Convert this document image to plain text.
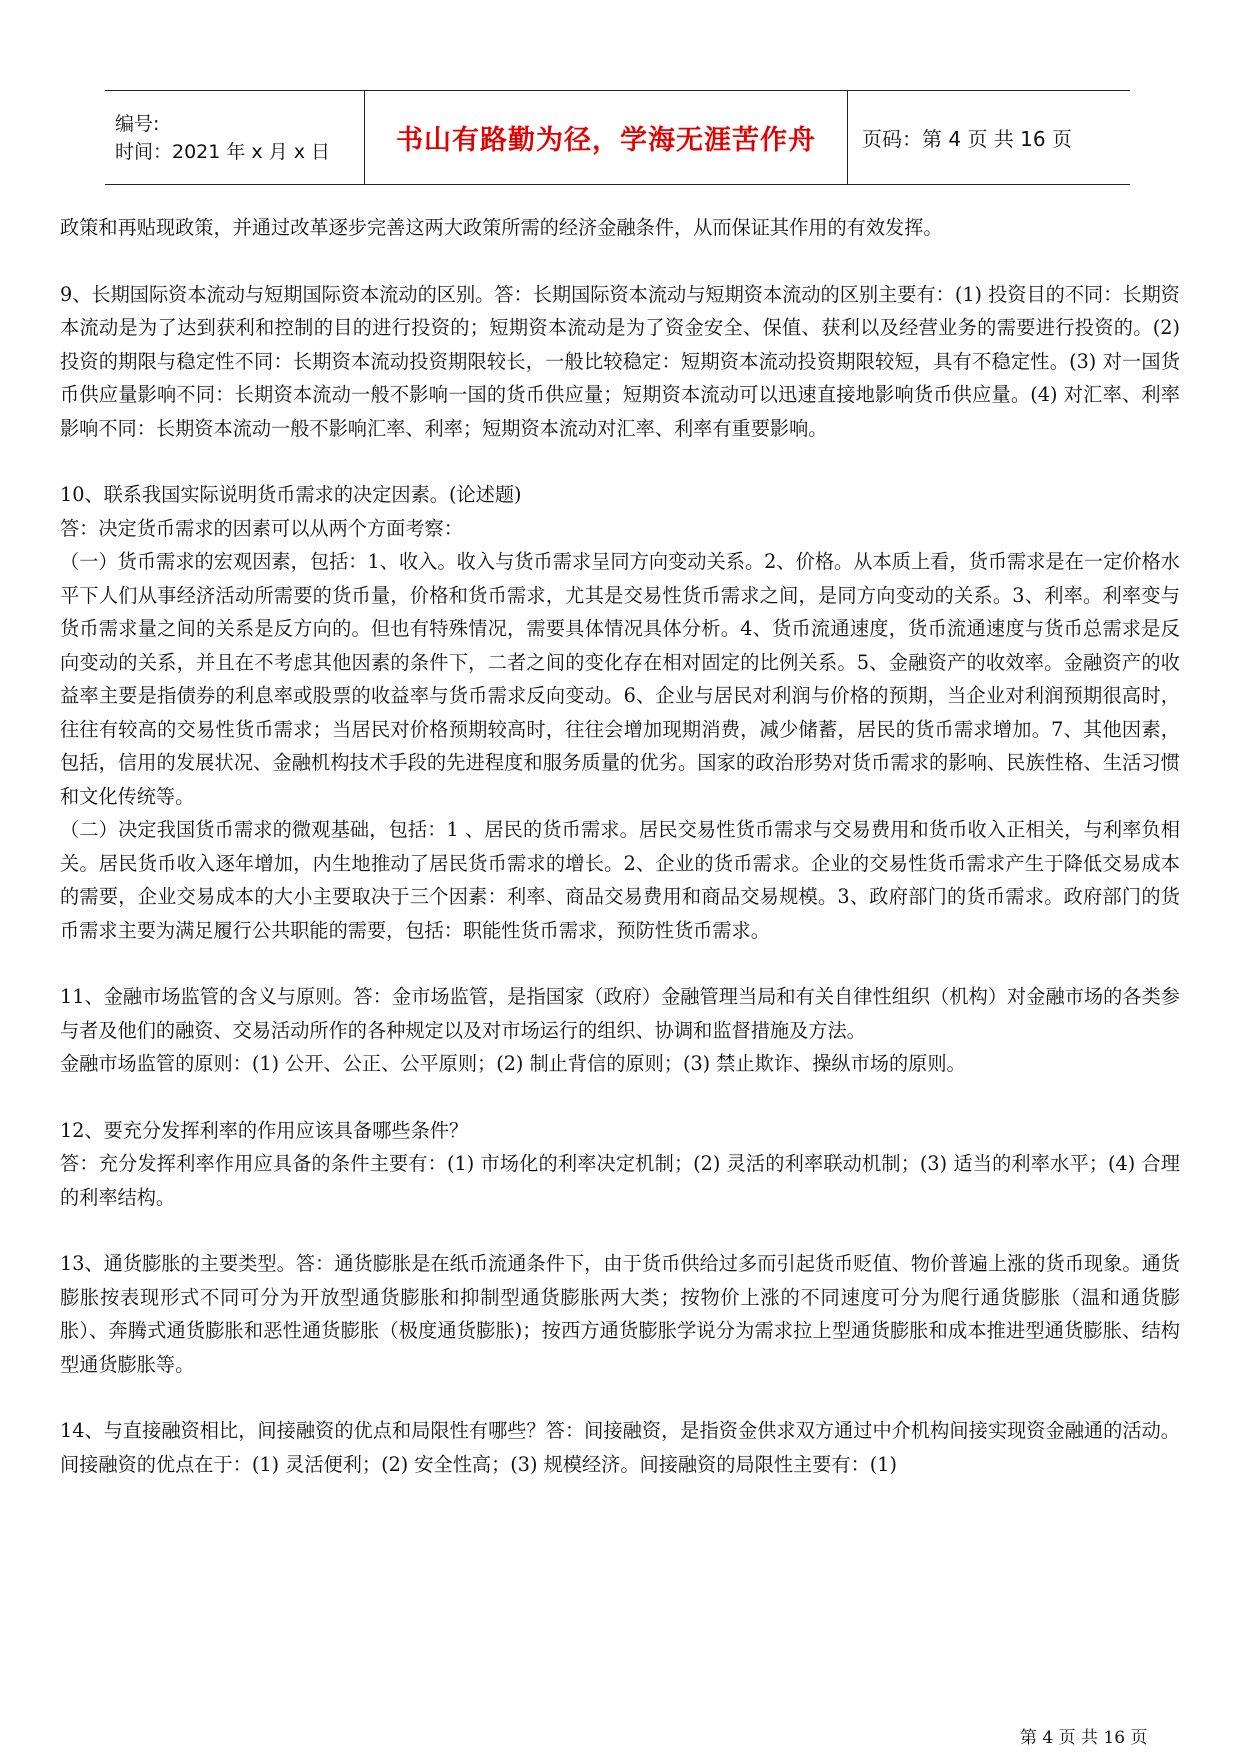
编号:
时间：2021 年 x 月 x 日	书山有路勤为径，学海无涯苦作舟	页码：第 4 页 共 16 页

政策和再贴现政策，并通过改革逐步完善这两大政策所需的经济金融条件，从而保证其作用的有效发挥。

9、长期国际资本流动与短期国际资本流动的区别。答：长期国际资本流动与短期资本流动的区别主要有：(1) 投资目的不同：长期资本流动是为了达到获利和控制的目的进行投资的；短期资本流动是为了资金安全、保值、获利以及经营业务的需要进行投资的。(2) 投资的期限与稳定性不同：长期资本流动投资期限较长，一般比较稳定：短期资本流动投资期限较短，具有不稳定性。(3) 对一国货币供应量影响不同：长期资本流动一般不影响一国的货币供应量；短期资本流动可以迅速直接地影响货币供应量。(4) 对汇率、利率影响不同：长期资本流动一般不影响汇率、利率；短期资本流动对汇率、利率有重要影响。

10、联系我国实际说明货币需求的决定因素。(论述题)

答：决定货币需求的因素可以从两个方面考察：

（一）货币需求的宏观因素，包括：1、收入。收入与货币需求呈同方向变动关系。2、价格。从本质上看，货币需求是在一定价格水平下人们从事经济活动所需要的货币量，价格和货币需求，尤其是交易性货币需求之间，是同方向变动的关系。3、利率。利率变与货币需求量之间的关系是反方向的。但也有特殊情况，需要具体情况具体分析。4、货币流通速度，货币流通速度与货币总需求是反向变动的关系，并且在不考虑其他因素的条件下，二者之间的变化存在相对固定的比例关系。5、金融资产的收效率。金融资产的收益率主要是指债券的利息率或股票的收益率与货币需求反向变动。6、企业与居民对利润与价格的预期，当企业对利润预期很高时，往往有较高的交易性货币需求；当居民对价格预期较高时，往往会增加现期消费，减少储蓄，居民的货币需求增加。7、其他因素，包括，信用的发展状况、金融机构技术手段的先进程度和服务质量的优劣。国家的政治形势对货币需求的影响、民族性格、生活习惯和文化传统等。

（二）决定我国货币需求的微观基础，包括：1 、居民的货币需求。居民交易性货币需求与交易费用和货币收入正相关，与利率负相关。居民货币收入逐年增加，内生地推动了居民货币需求的增长。2、企业的货币需求。企业的交易性货币需求产生于降低交易成本的需要，企业交易成本的大小主要取决于三个因素：利率、商品交易费用和商品交易规模。3、政府部门的货币需求。政府部门的货币需求主要为满足履行公共职能的需要，包括：职能性货币需求，预防性货币需求。

11、金融市场监管的含义与原则。答：金市场监管，是指国家（政府）金融管理当局和有关自律性组织（机构）对金融市场的各类参与者及他们的融资、交易活动所作的各种规定以及对市场运行的组织、协调和监督措施及方法。

金融市场监管的原则：(1) 公开、公正、公平原则；(2) 制止背信的原则；(3) 禁止欺诈、操纵市场的原则。

12、要充分发挥利率的作用应该具备哪些条件？

答：充分发挥利率作用应具备的条件主要有：(1) 市场化的利率决定机制；(2) 灵活的利率联动机制；(3) 适当的利率水平；(4) 合理的利率结构。

13、通货膨胀的主要类型。答：通货膨胀是在纸币流通条件下，由于货币供给过多而引起货币贬值、物价普遍上涨的货币现象。通货膨胀按表现形式不同可分为开放型通货膨胀和抑制型通货膨胀两大类；按物价上涨的不同速度可分为爬行通货膨胀（温和通货膨胀）、奔腾式通货膨胀和恶性通货膨胀（极度通货膨胀)；按西方通货膨胀学说分为需求拉上型通货膨胀和成本推进型通货膨胀、结构型通货膨胀等。

14、与直接融资相比，间接融资的优点和局限性有哪些？答：间接融资，是指资金供求双方通过中介机构间接实现资金融通的活动。间接融资的优点在于：(1) 灵活便利；(2) 安全性高；(3) 规模经济。间接融资的局限性主要有：(1)

第 4 页 共 16 页
